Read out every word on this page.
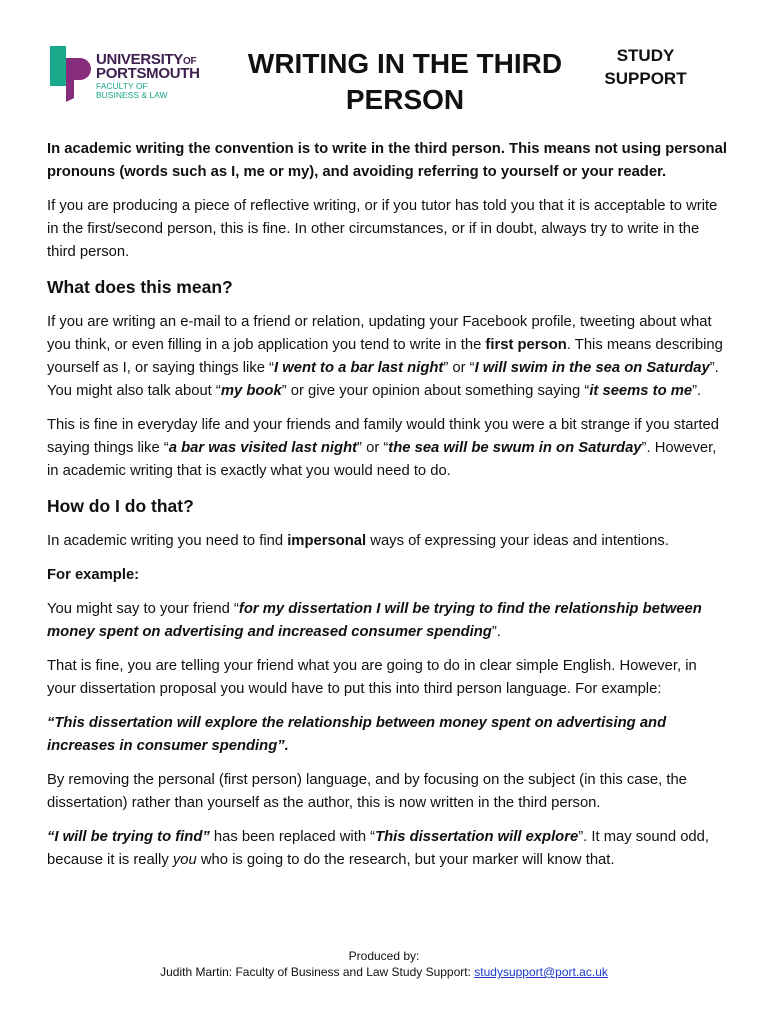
UNIVERSITYOF
PORTSMOUTH
FACULTY OF
BUSINESS & LAW
WRITING IN THE THIRD
PERSON
STUDY
SUPPORT

In academic writing the convention is to write in the third person. This means not using personal pronouns (words such as I, me or my), and avoiding referring to yourself or your reader.

If you are producing a piece of reflective writing, or if you tutor has told you that it is acceptable to write in the first/second person, this is fine. In other circumstances, or if in doubt, always try to write in the third person.

What does this mean?

If you are writing an e-mail to a friend or relation, updating your Facebook profile, tweeting about what you think, or even filling in a job application you tend to write in the first person. This means describing yourself as I, or saying things like “I went to a bar last night” or “I will swim in the sea on Saturday”. You might also talk about “my book” or give your opinion about something saying “it seems to me”.

This is fine in everyday life and your friends and family would think you were a bit strange if you started saying things like “a bar was visited last night” or “the sea will be swum in on Saturday”. However, in academic writing that is exactly what you would need to do.

How do I do that?

In academic writing you need to find impersonal ways of expressing your ideas and intentions.

For example:

You might say to your friend “for my dissertation I will be trying to find the relationship between money spent on advertising and increased consumer spending”.

That is fine, you are telling your friend what you are going to do in clear simple English. However, in your dissertation proposal you would have to put this into third person language. For example:

“This dissertation will explore the relationship between money spent on advertising and increases in consumer spending”.

By removing the personal (first person) language, and by focusing on the subject (in this case, the dissertation) rather than yourself as the author, this is now written in the third person.

“I will be trying to find” has been replaced with “This dissertation will explore”. It may sound odd, because it is really you who is going to do the research, but your marker will know that.

Produced by:
Judith Martin: Faculty of Business and Law Study Support: studysupport@port.ac.uk
